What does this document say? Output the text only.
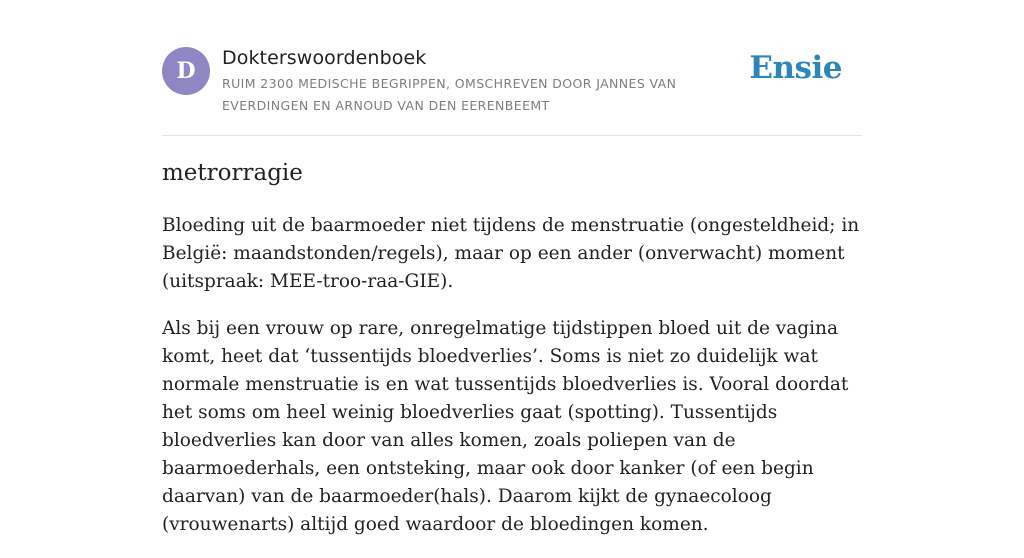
D	Dokterswoordenboek
RUIM 2300 MEDISCHE BEGRIPPEN, OMSCHREVEN DOOR JANNES VAN EVERDINGEN EN ARNOUD VAN DEN EERENBEEMT
Ensie
metrorragie

Bloeding uit de baarmoeder niet tijdens de menstruatie (ongesteldheid; in België: maandstonden/regels), maar op een ander (onverwacht) moment (uitspraak: MEE-troo-raa-GIE).

Als bij een vrouw op rare, onregelmatige tijdstippen bloed uit de vagina komt, heet dat ‘tussentijds bloedverlies’. Soms is niet zo duidelijk wat normale menstruatie is en wat tussentijds bloedverlies is. Vooral doordat het soms om heel weinig bloedverlies gaat (spotting). Tussentijds bloedverlies kan door van alles komen, zoals poliepen van de baarmoederhals, een ontsteking, maar ook door kanker (of een begin daarvan) van de baarmoeder(hals). Daarom kijkt de gynaecoloog (vrouwenarts) altijd goed waardoor de bloedingen komen.
